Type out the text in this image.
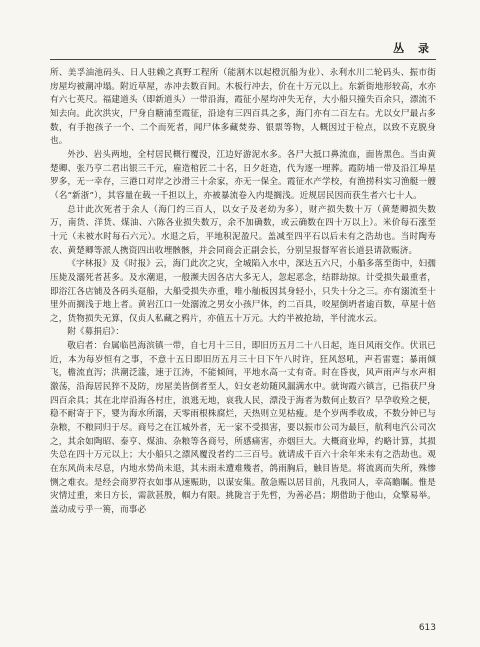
丛 录

所、美孚油池码头、日人驻赖之真野工程所（能割木以起橙沉船为业）、永利水川二轮码头、振市街房屋均被潮冲塌。附近草屋，赤冲去数百间。木板行冲去，价在十万元以上。东新街地形较高，水亦有六七英尺。福建道头（即新道头）一带沿海，霞征小屋均冲失无存，大小船只撞失百余只，漂流不知去向。此次洪灾，尸身自糖浦至霞征，沿途有三四百具之多，海门亦有二百左右。尤以女尸最占多数，有手抱孩子一个、二个而死者，闻尸体多藏焚券、银票等物，人概因过于检点，以致不克脱身也。

外沙、岩头两地，全村居民概行覆没，江边好游泥水多。各尸大抵口鼻流血，面皆黑色。当由黄楚卿、张乃亨二君出银三千元，雇造棺匠二十名，日夕赶造，代为逐一埋葬。霞防埔一带及沿江埠星罗多，无一幸存，三港口对岸之沙滑三十余家，亦无一保全。霞征水产学校，有渔捞科实习渔艇一艘（名“新浙”），其容量在载一千担以上，亦被暴流卷入内堤搁浅。近规居民因而获生者六七十人。

总计此次死者于余人（海门约三百人，以女子及老幼为多），财产损失数十万（黄楚卿损失数万，南货、洋货、煤油、六陈各业损失数万，余不加确数，或云确数在四十万以上）。米价每石涨至十元（未被水时每石六元）。水退之后，平地积泥盈尺。盖减至四平石以后未有之浩劫也。当时陶寿农、黄楚卿等派人携资四出收埋骸骸，并会同商会正副会长，分别呈报督军省长道县请款赈济。

《字林报》及《时报》云，海门此次之灾，全城陷入水中，深达五六尺，小船多落至街中，妇孺压毙及溺死者甚多。及水潮退，一般濒夫因各店大多无人，忽起恶念，结群劫掠。计受损失最重者，即浴江各店铺及各码头趸船，大船受损失亦重，唯小舢板因其身轻小，只失十分之三。亦有溺流至十里外而搁浅于地上者。黄岩江口一处溺流之男女小孩尸体，约二百具，咬屋倒坍者逾百数，草屋十倍之，货物损失无算，仅贞人私藏之鸦片，亦值五十万元。大约半被抢劫，半付流水云。

附《募捐启》：

敬启者：台属临邑海滨镇一带，自七月十三日，即旧历五月二十八日起，连日风雨交作。伏讯已近，本为每岁恒有之事，不意十五日即旧历五月三十日下午八时许，狂风怒吼，声若雷霆；暴雨倾飞，檐流直泻；洪潮泛滥，速于江涛，不能倾间，平地水高一丈有奇。时在昏夜，风声雨声与水声相激荡，沿海居民猝不及防，房屋美皆倒者至人，妇女老幼随风漏满水中。就询霞六镇言，已指获尸身四百余具；其在北岸沿海各村庄，浪逃无地，哀我人民，漂没于海者为数何止数百？早孕收殓之便，稳不耐寄于下，婴为海水所溺，天零雨根株腐烂，天热则立见枯瘦。是个岁两季收成，不数分钟已与杂粮，不粮同归于尽。商号之在江城外者，无一家不受损害，要以振市公司为最巨，航利电汽公司次之，其余如陶昭、泰亨、煤油、杂粮等各商号，所感痛害，亦烟巨大。大概商业埠，约略计算，其损失总在四十万元以上；大小船只之漂风覆没者约二三百号。就请成千百六十余年来未有之浩劫也。观在东风尚未尽息，内地水势尚未退，其未雨未遭难幾者，鸽雨胸后，触目皆是。将流离而失所，殊惨恻之难衣。是经会商罗符衣如事从速赈助，以谋安集。散急赈以居目前，凡我同人，幸高瞻瞩。惟是灾情过重，来日方长，需款甚殷，帼力有限。挑陇言于先哲，为善必昌；期借助于他山，众擎易举。盖动成亏乎一篑，而事必

613
